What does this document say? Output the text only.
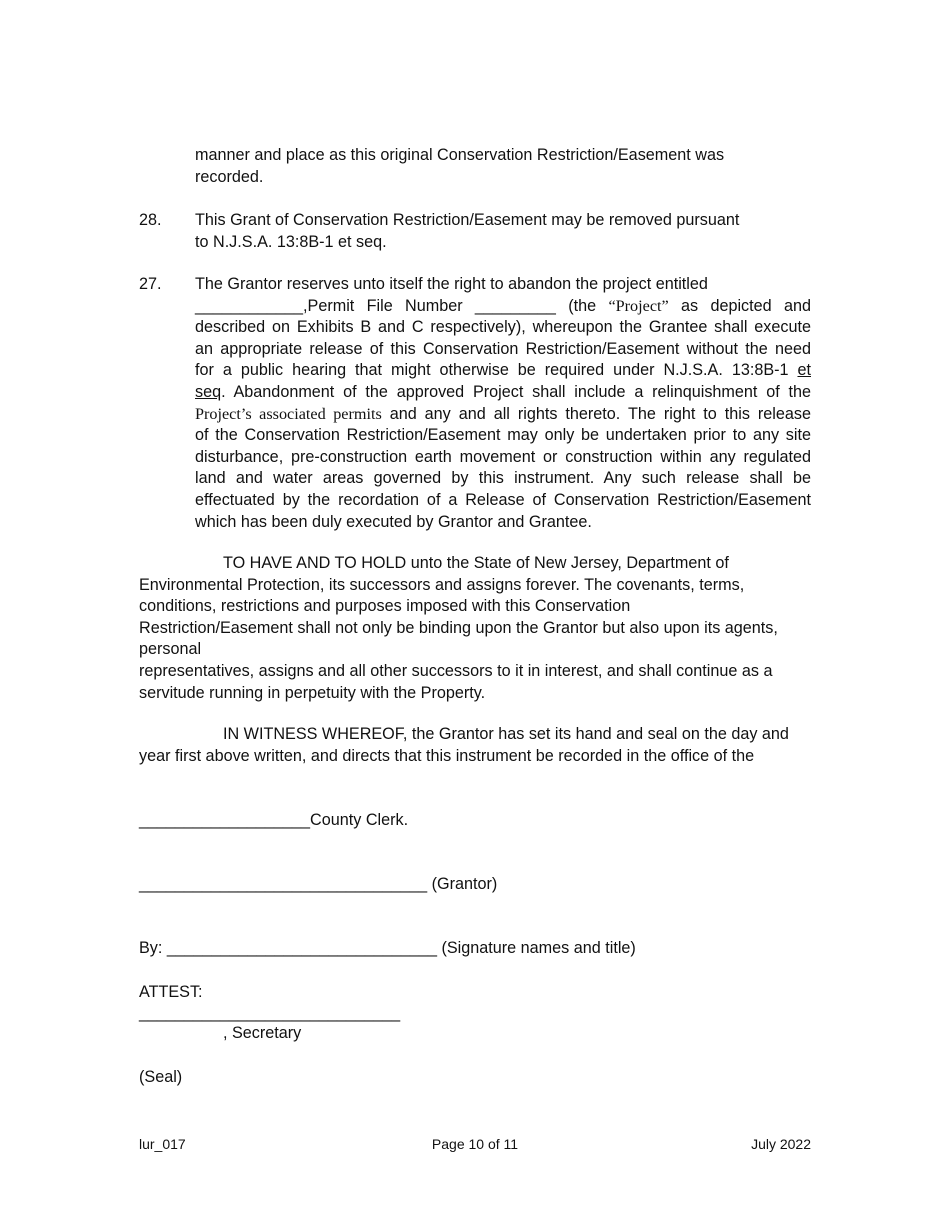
manner and place as this original Conservation Restriction/Easement was
recorded.
28.	This Grant of Conservation Restriction/Easement may be removed pursuant
to N.J.S.A. 13:8B-1 et seq.
27.	The Grantor reserves unto itself the right to abandon the project entitled
____________,Permit File Number _________ (the “Project” as depicted and
described on Exhibits B and C respectively), whereupon the Grantee shall execute
an appropriate release of this Conservation Restriction/Easement without the need
for a public hearing that might otherwise be required under N.J.S.A. 13:8B-1 et
seq. Abandonment of the approved Project shall include a relinquishment of the
Project’s associated permits and any and all rights thereto. The right to this release
of the Conservation Restriction/Easement may only be undertaken prior to any site
disturbance, pre-construction earth movement or construction within any regulated
land and water areas governed by this instrument. Any such release shall be
effectuated by the recordation of a Release of Conservation Restriction/Easement
which has been duly executed by Grantor and Grantee.
TO HAVE AND TO HOLD unto the State of New Jersey, Department of
Environmental Protection, its successors and assigns forever. The covenants, terms,
conditions, restrictions and purposes imposed with this Conservation
Restriction/Easement shall not only be binding upon the Grantor but also upon its agents,
personal
representatives, assigns and all other successors to it in interest, and shall continue as a
servitude running in perpetuity with the Property.
IN WITNESS WHEREOF, the Grantor has set its hand and seal on the day and
year first above written, and directs that this instrument be recorded in the office of the
___________________County Clerk.
________________________________ (Grantor)
By: ______________________________ (Signature names and title)
ATTEST:
_____________________________
, Secretary
(Seal)
lur_017	Page 10 of 11	July 2022
